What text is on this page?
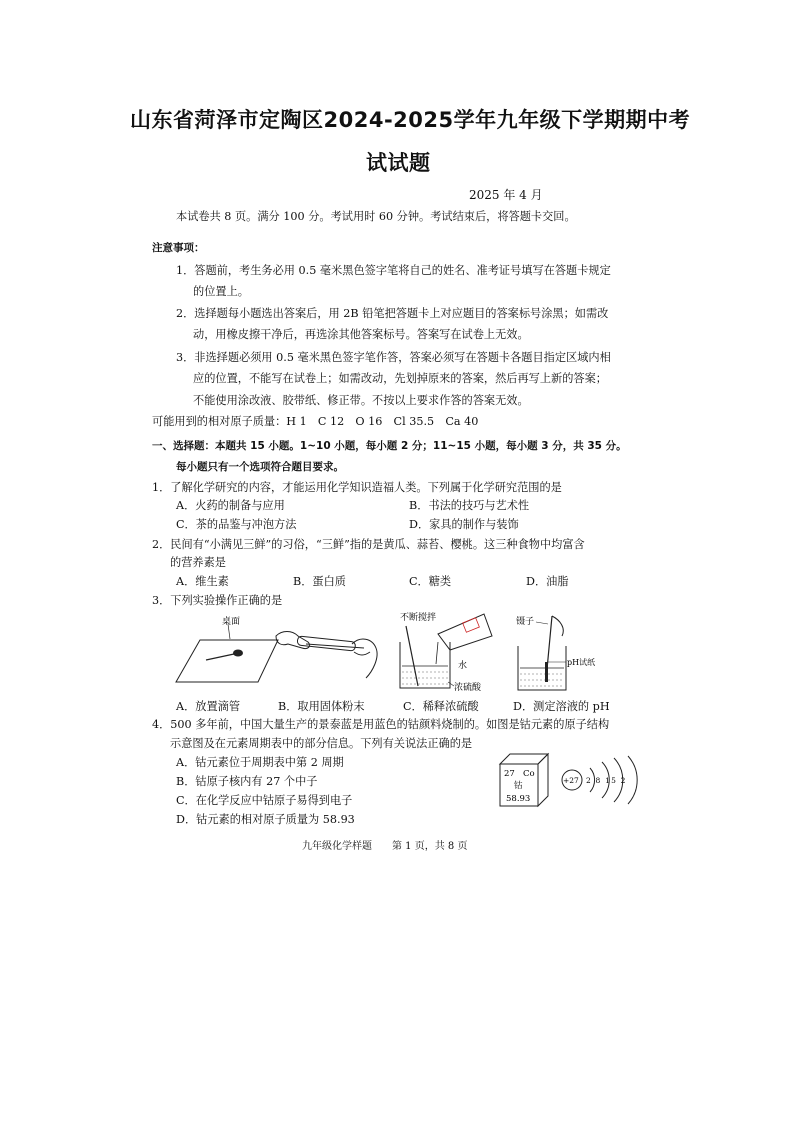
山东省菏泽市定陶区2024-2025学年九年级下学期期中考
试试题
2025 年 4 月
本试卷共 8 页。满分 100 分。考试用时 60 分钟。考试结束后，将答题卡交回。
注意事项：
1．答题前，考生务必用 0.5 毫米黑色签字笔将自己的姓名、准考证号填写在答题卡规定
的位置上。
2．选择题每小题选出答案后，用 2B 铅笔把答题卡上对应题目的答案标号涂黑；如需改
动，用橡皮擦干净后，再选涂其他答案标号。答案写在试卷上无效。
3．非选择题必须用 0.5 毫米黑色签字笔作答，答案必须写在答题卡各题目指定区域内相
应的位置，不能写在试卷上；如需改动，先划掉原来的答案，然后再写上新的答案；
不能使用涂改液、胶带纸、修正带。不按以上要求作答的答案无效。
可能用到的相对原子质量：H 1　C 12　O 16　Cl 35.5　Ca 40
一、选择题：本题共 15 小题。1~10 小题，每小题 2 分；11~15 小题，每小题 3 分，共 35 分。
每小题只有一个选项符合题目要求。
1．了解化学研究的内容，才能运用化学知识造福人类。下列属于化学研究范围的是
A．火药的制备与应用	B．书法的技巧与艺术性
C．茶的品鉴与冲泡方法	D．家具的制作与装饰
2．民间有“小满见三鲜”的习俗，“三鲜”指的是黄瓜、蒜苔、樱桃。这三种食物中均富含
的营养素是
A．维生素	B．蛋白质	C．糖类	D．油脂
3．下列实验操作正确的是
桌面	不断搅拌
水
浓硫酸
镊子
pH试纸
A．放置滴管	B．取用固体粉末	C．稀释浓硫酸	D．测定溶液的 pH
4．500 多年前，中国大量生产的景泰蓝是用蓝色的钴颜料烧制的。如图是钴元素的原子结构
示意图及在元素周期表中的部分信息。下列有关说法正确的是
A．钴元素位于周期表中第 2 周期
B．钴原子核内有 27 个中子
C．在化学反应中钴原子易得到电子
D．钴元素的相对原子质量为 58.93
27 Co
钴
58.93
+27 2 8 15 2
九年级化学样题　　第 1 页，共 8 页
